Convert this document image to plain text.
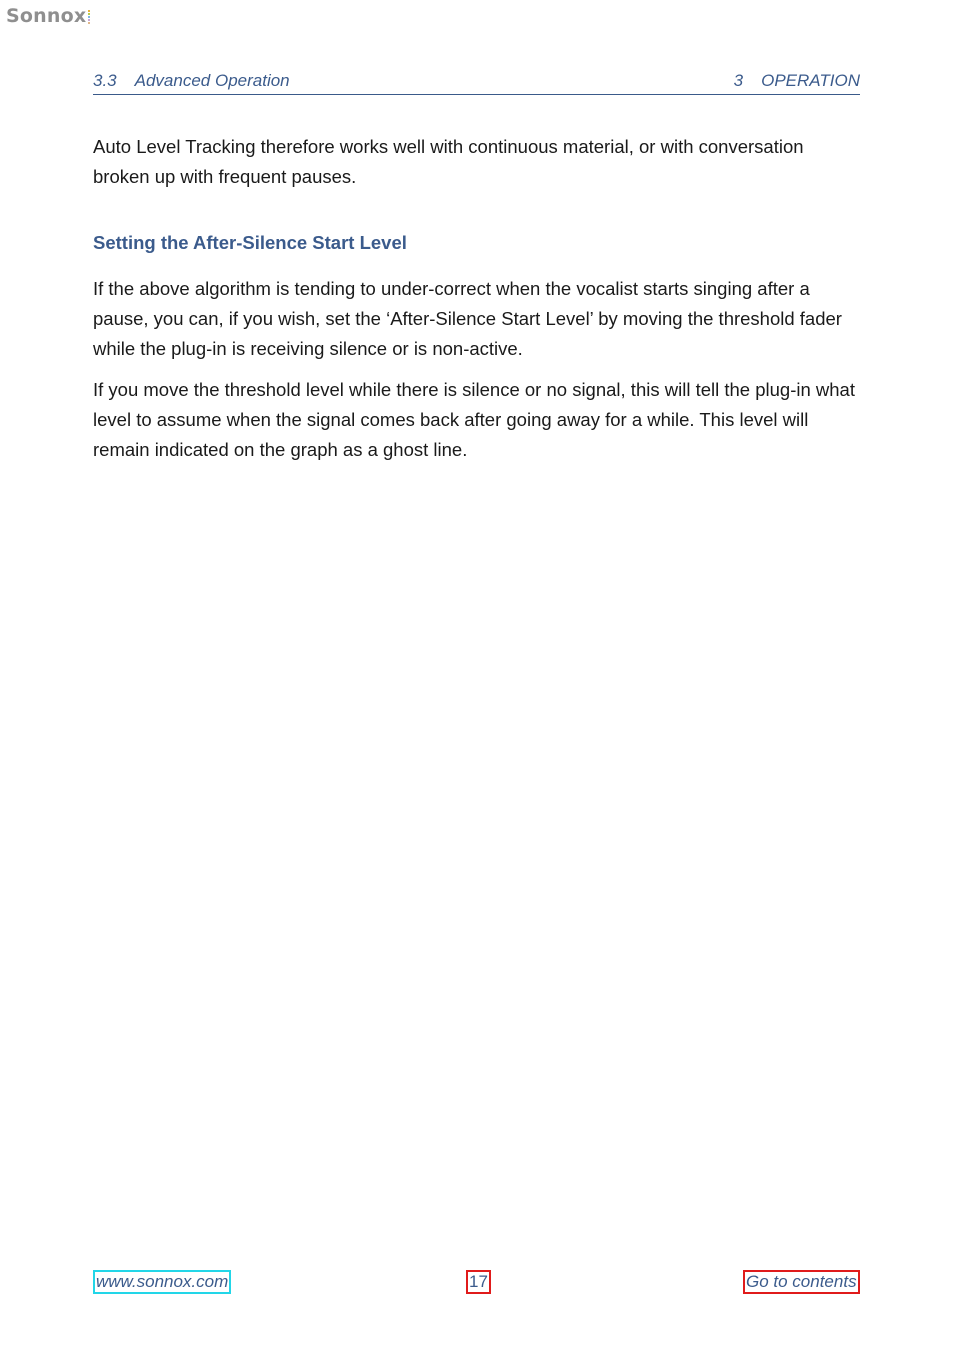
Sonnox
3.3 Advanced Operation	3 OPERATION

Auto Level Tracking therefore works well with continuous material, or with conversation broken up with frequent pauses.

Setting the After-Silence Start Level

If the above algorithm is tending to under-correct when the vocalist starts singing after a pause, you can, if you wish, set the ‘After-Silence Start Level’ by moving the threshold fader while the plug-in is receiving silence or is non-active.

If you move the threshold level while there is silence or no signal, this will tell the plug-in what level to assume when the signal comes back after going away for a while. This level will remain indicated on the graph as a ghost line.

www.sonnox.com	17	Go to contents
